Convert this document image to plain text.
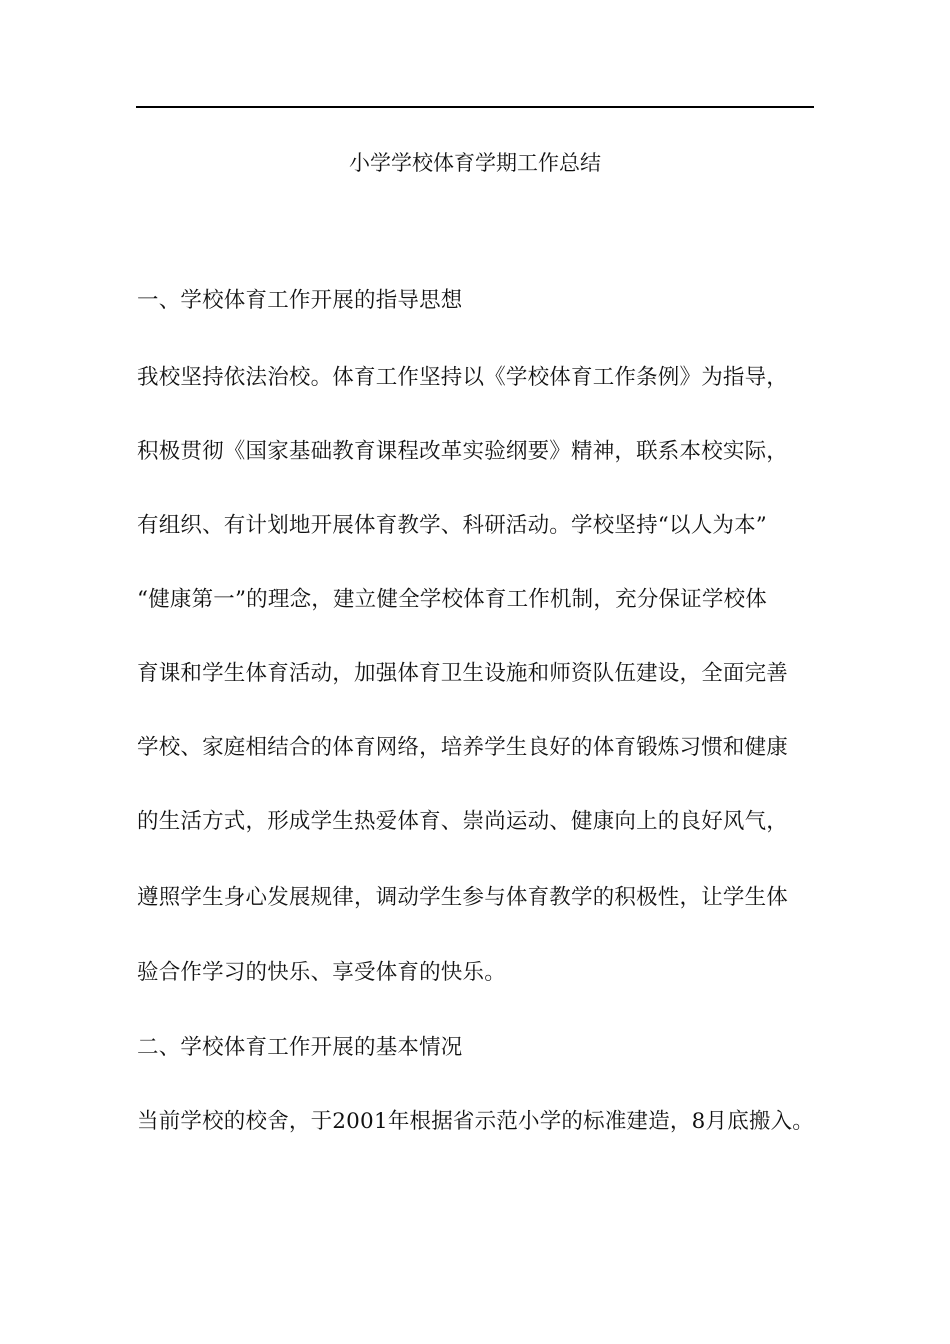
小学学校体育学期工作总结
一、学校体育工作开展的指导思想
我校坚持依法治校。体育工作坚持以《学校体育工作条例》为指导，
积极贯彻《国家基础教育课程改革实验纲要》精神，联系本校实际，
有组织、有计划地开展体育教学、科研活动。学校坚持“以人为本”
“健康第一”的理念，建立健全学校体育工作机制，充分保证学校体
育课和学生体育活动，加强体育卫生设施和师资队伍建设，全面完善
学校、家庭相结合的体育网络，培养学生良好的体育锻炼习惯和健康
的生活方式，形成学生热爱体育、崇尚运动、健康向上的良好风气，
遵照学生身心发展规律，调动学生参与体育教学的积极性，让学生体
验合作学习的快乐、享受体育的快乐。
二、学校体育工作开展的基本情况
当前学校的校舍，于2001年根据省示范小学的标准建造，8月底搬入。
